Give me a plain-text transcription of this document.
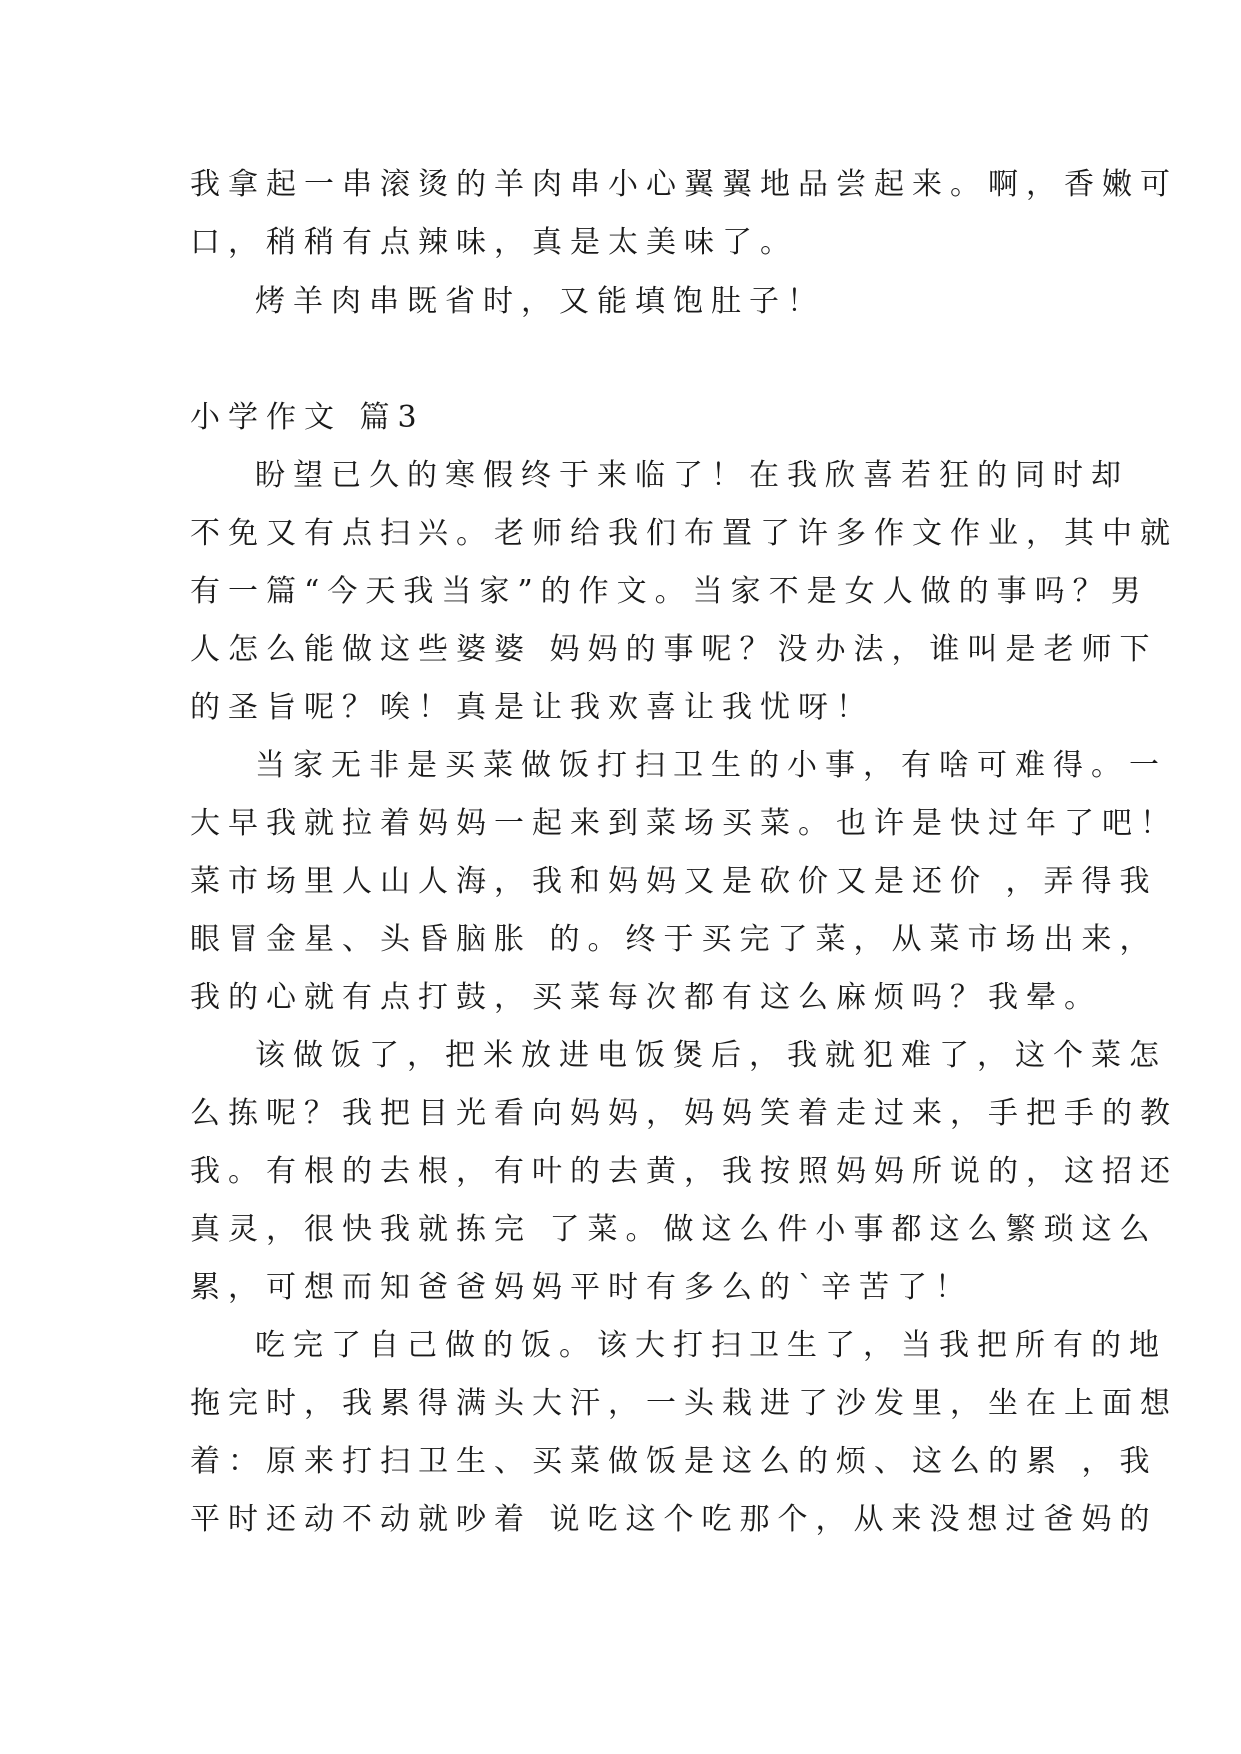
我拿起一串滚烫的羊肉串小心翼翼地品尝起来。啊，香嫩可
口，稍稍有点辣味，真是太美味了。
烤羊肉串既省时，又能填饱肚子！
小学作文 篇3
盼望已久的寒假终于来临了！在我欣喜若狂的同时却
不免又有点扫兴。老师给我们布置了许多作文作业，其中就
有一篇“今天我当家”的作文。当家不是女人做的事吗？男
人怎么能做这些婆婆 妈妈的事呢？没办法，谁叫是老师下
的圣旨呢？唉！真是让我欢喜让我忧呀！
当家无非是买菜做饭打扫卫生的小事，有啥可难得。一
大早我就拉着妈妈一起来到菜场买菜。也许是快过年了吧！
菜市场里人山人海，我和妈妈又是砍价又是还价 ，弄得我
眼冒金星、头昏脑胀 的。终于买完了菜，从菜市场出来，
我的心就有点打鼓，买菜每次都有这么麻烦吗？我晕。
该做饭了，把米放进电饭煲后，我就犯难了，这个菜怎
么拣呢？我把目光看向妈妈，妈妈笑着走过来，手把手的教
我。有根的去根，有叶的去黄，我按照妈妈所说的，这招还
真灵，很快我就拣完 了菜。做这么件小事都这么繁琐这么
累，可想而知爸爸妈妈平时有多么的`辛苦了！
吃完了自己做的饭。该大打扫卫生了，当我把所有的地
拖完时，我累得满头大汗，一头栽进了沙发里，坐在上面想
着：原来打扫卫生、买菜做饭是这么的烦、这么的累 ，我
平时还动不动就吵着 说吃这个吃那个，从来没想过爸妈的
